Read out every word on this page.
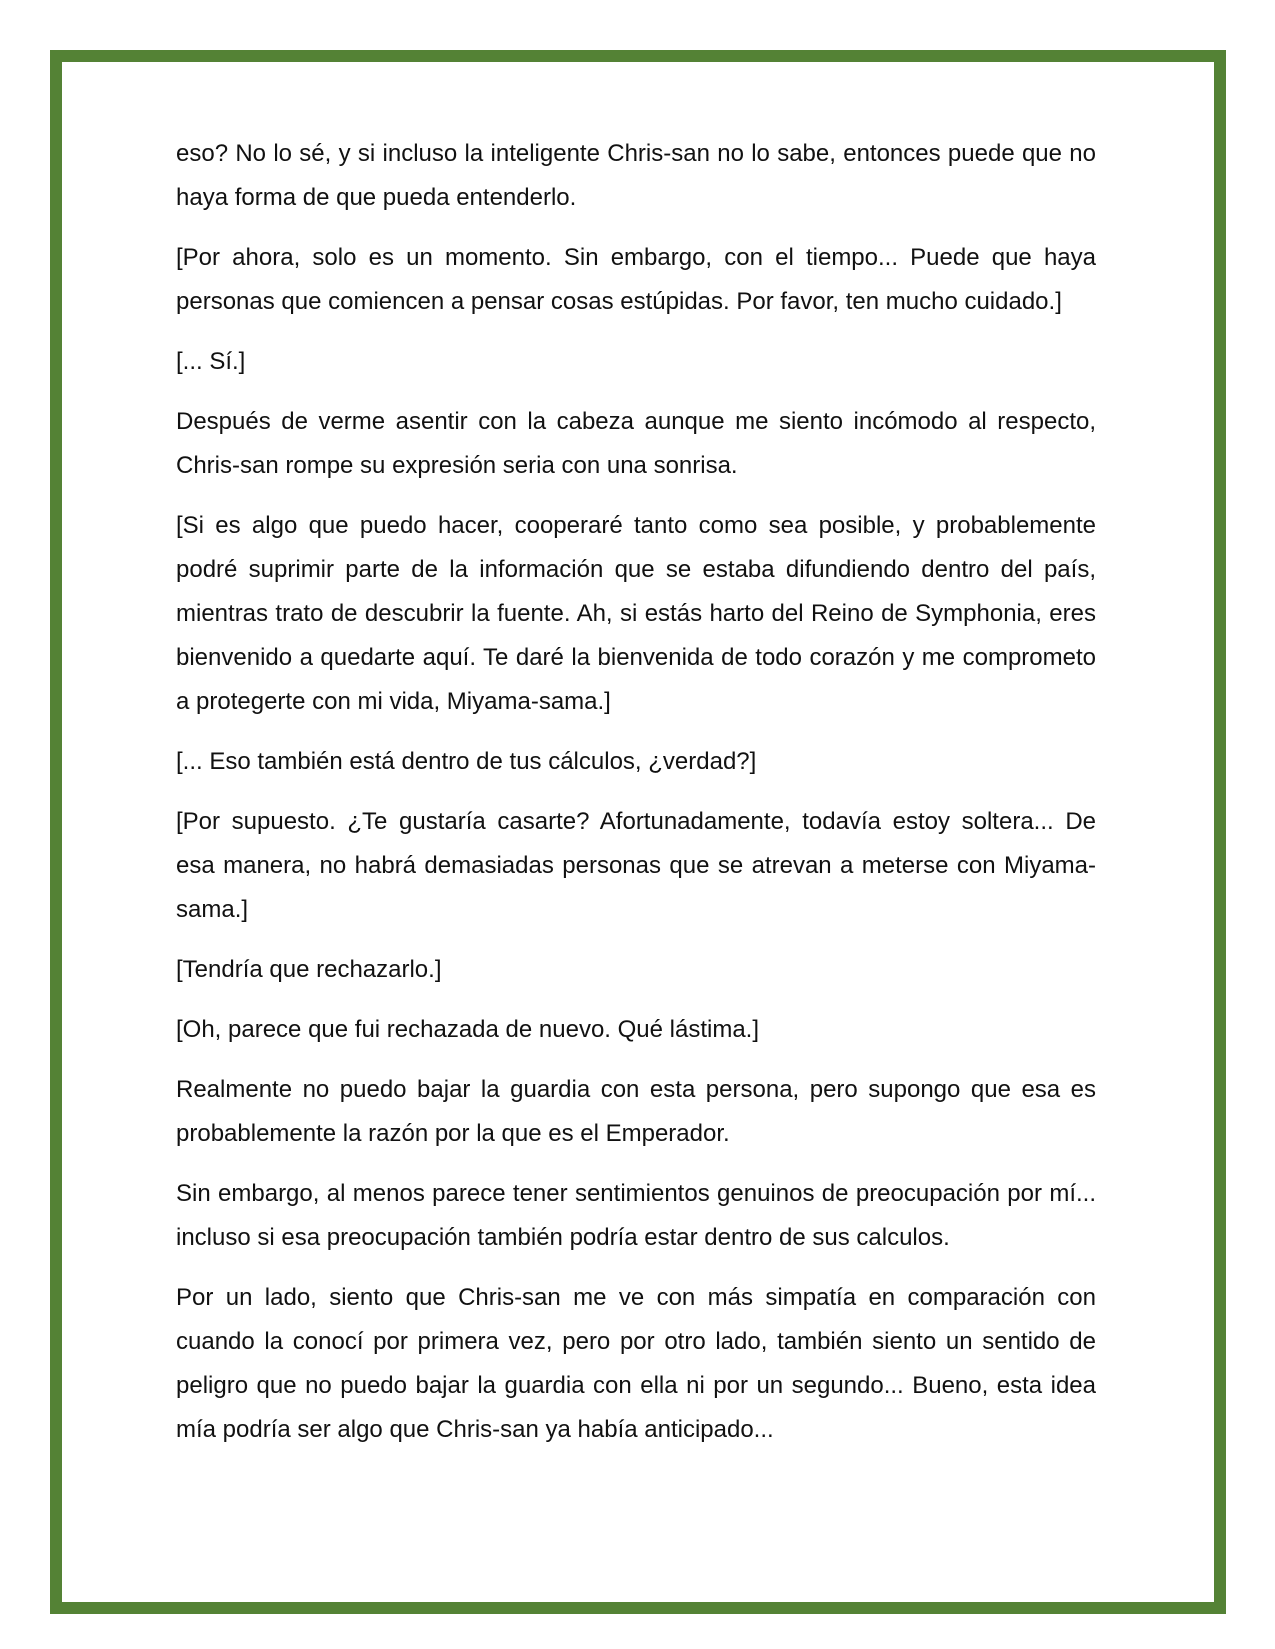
eso? No lo sé, y si incluso la inteligente Chris-san no lo sabe, entonces puede que no haya forma de que pueda entenderlo.

[Por ahora, solo es un momento. Sin embargo, con el tiempo... Puede que haya personas que comiencen a pensar cosas estúpidas. Por favor, ten mucho cuidado.]

[... Sí.]

Después de verme asentir con la cabeza aunque me siento incómodo al respecto, Chris-san rompe su expresión seria con una sonrisa.

[Si es algo que puedo hacer, cooperaré tanto como sea posible, y probablemente podré suprimir parte de la información que se estaba difundiendo dentro del país, mientras trato de descubrir la fuente. Ah, si estás harto del Reino de Symphonia, eres bienvenido a quedarte aquí. Te daré la bienvenida de todo corazón y me comprometo a protegerte con mi vida, Miyama-sama.]

[... Eso también está dentro de tus cálculos, ¿verdad?]

[Por supuesto. ¿Te gustaría casarte? Afortunadamente, todavía estoy soltera... De esa manera, no habrá demasiadas personas que se atrevan a meterse con Miyama-sama.]

[Tendría que rechazarlo.]

[Oh, parece que fui rechazada de nuevo. Qué lástima.]

Realmente no puedo bajar la guardia con esta persona, pero supongo que esa es probablemente la razón por la que es el Emperador.

Sin embargo, al menos parece tener sentimientos genuinos de preocupación por mí... incluso si esa preocupación también podría estar dentro de sus calculos.

Por un lado, siento que Chris-san me ve con más simpatía en comparación con cuando la conocí por primera vez, pero por otro lado, también siento un sentido de peligro que no puedo bajar la guardia con ella ni por un segundo... Bueno, esta idea mía podría ser algo que Chris-san ya había anticipado...
